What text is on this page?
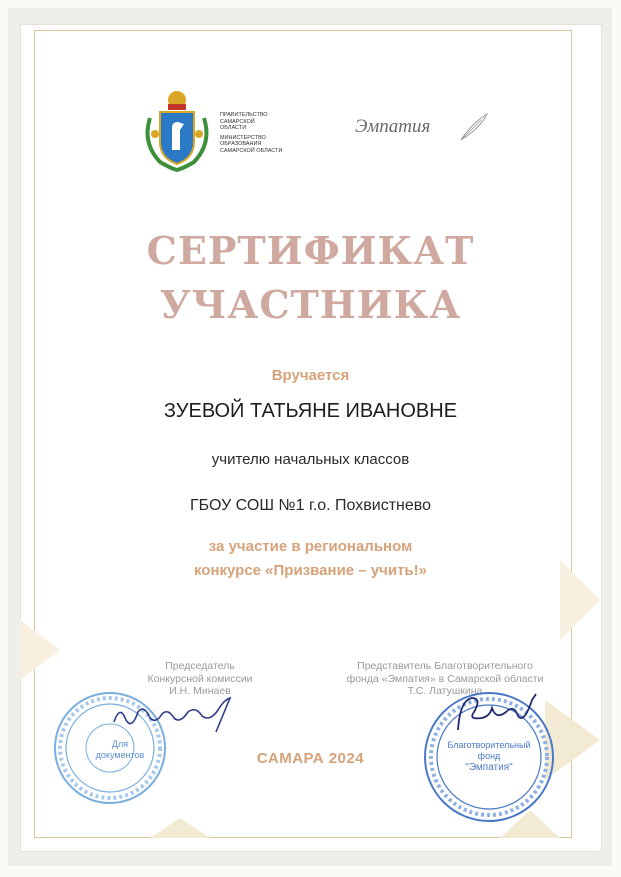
ПРАВИТЕЛЬСТВО
САМАРСКОЙ
ОБЛАСТИ
МИНИСТЕРСТВО
ОБРАЗОВАНИЯ
САМАРСКОЙ ОБЛАСТИ
Эмпатия
СЕРТИФИКАТ
УЧАСТНИКА
Вручается
ЗУЕВОЙ ТАТЬЯНЕ ИВАНОВНЕ
учителю начальных классов
ГБОУ СОШ №1 г.о. Похвистнево
за участие в региональном
конкурсе «Призвание – учить!»
Председатель
Конкурсной комиссии
И.Н. Минаев
Представитель Благотворительного
фонда «Эмпатия» в Самарской области
Т.С. Латушкина
Для
документов
Благотворительный
фонд
"Эмпатия"
САМАРА 2024
